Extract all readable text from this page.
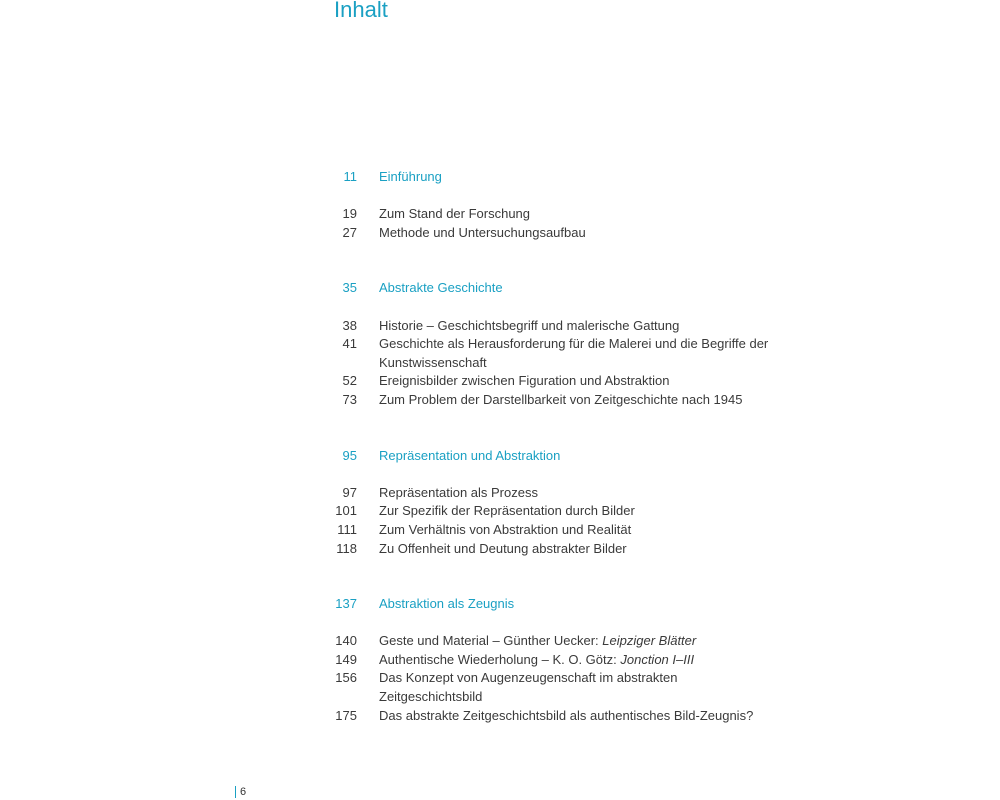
Inhalt
11 Einführung
19 Zum Stand der Forschung
27 Methode und Untersuchungsaufbau
35 Abstrakte Geschichte
38 Historie – Geschichtsbegriff und malerische Gattung
41 Geschichte als Herausforderung für die Malerei und die Begriffe der Kunstwissenschaft
52 Ereignisbilder zwischen Figuration und Abstraktion
73 Zum Problem der Darstellbarkeit von Zeitgeschichte nach 1945
95 Repräsentation und Abstraktion
97 Repräsentation als Prozess
101 Zur Spezifik der Repräsentation durch Bilder
111 Zum Verhältnis von Abstraktion und Realität
118 Zu Offenheit und Deutung abstrakter Bilder
137 Abstraktion als Zeugnis
140 Geste und Material – Günther Uecker: Leipziger Blätter
149 Authentische Wiederholung – K. O. Götz: Jonction I–III
156 Das Konzept von Augenzeugenschaft im abstrakten Zeitgeschichtsbild
175 Das abstrakte Zeitgeschichtsbild als authentisches Bild-Zeugnis?
6
